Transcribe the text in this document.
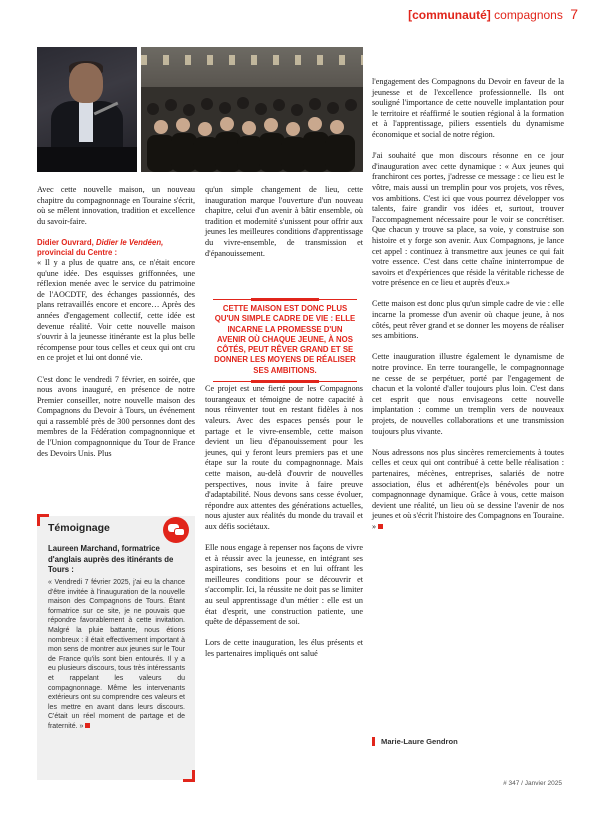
[communauté] compagnons 7

Avec cette nouvelle maison, un nouveau chapitre du compagnonnage en Touraine s'écrit, où se mêlent innovation, tradition et excellence du savoir-faire.

Didier Ouvrard, Didier le Vendéen,
provincial du Centre :

« Il y a plus de quatre ans, ce n'était encore qu'une idée. Des esquisses griffonnées, une réflexion menée avec le service du patrimoine de l'AOCDTF, des échanges passionnés, des plans retravaillés encore et encore… Après des années d'engagement collectif, cette idée est devenue réalité. Voir cette nouvelle maison s'ouvrir à la jeunesse itinérante est la plus belle récompense pour tous celles et ceux qui ont cru en ce projet et lui ont donné vie.

C'est donc le vendredi 7 février, en soirée, que nous avons inauguré, en présence de notre Premier conseiller, notre nouvelle maison des Compagnons du Devoir à Tours, un événement qui a rassemblé près de 300 personnes dont des membres de la Fédération compagnonnique et de l'Union compagnonnique du Tour de France des Devoirs Unis. Plus

Témoignage
Laureen Marchand, formatrice d'anglais auprès des itinérants de Tours :
« Vendredi 7 février 2025, j'ai eu la chance d'être invitée à l'inauguration de la nouvelle maison des Compagnons de Tours. Étant formatrice sur ce site, je ne pouvais que répondre favorablement à cette invitation. Malgré la pluie battante, nous étions nombreux : il était effectivement important à mon sens de montrer aux jeunes sur le Tour de France qu'ils sont bien entourés. Il y a eu plusieurs discours, tous très intéressants et rappelant les valeurs du compagnonnage. Même les intervenants extérieurs ont su comprendre ces valeurs et les mettre en avant dans leurs discours. C'était un réel moment de partage et de fraternité. »

qu'un simple changement de lieu, cette inauguration marque l'ouverture d'un nouveau chapitre, celui d'un avenir à bâtir ensemble, où tradition et modernité s'unissent pour offrir aux jeunes les meilleures conditions d'apprentissage du vivre-ensemble, de transmission et d'épanouissement.

Ce projet est une fierté pour les Compagnons tourangeaux et témoigne de notre capacité à nous réinventer tout en restant fidèles à nos valeurs. Avec des espaces pensés pour le partage et le vivre-ensemble, cette maison devient un lieu d'épanouissement pour les jeunes, qui y feront leurs premiers pas et une étape sur la route du compagnonnage. Mais cette maison, au-delà d'ouvrir de nouvelles perspectives, nous invite à faire preuve d'adaptabilité. Nous devons sans cesse évoluer, répondre aux attentes des générations actuelles, nous ajuster aux réalités du monde du travail et aux défis sociétaux.

Elle nous engage à repenser nos façons de vivre et à réussir avec la jeunesse, en intégrant ses aspirations, ses besoins et en lui offrant les meilleures conditions pour se découvrir et s'accomplir. Ici, la réussite ne doit pas se limiter au seul apprentissage d'un métier : elle est un état d'esprit, une construction patiente, une quête de dépassement de soi.

Lors de cette inauguration, les élus présents et les partenaires impliqués ont salué

CETTE MAISON EST DONC PLUS QU'UN SIMPLE CADRE DE VIE : ELLE INCARNE LA PROMESSE D'UN AVENIR OÙ CHAQUE JEUNE, À NOS CÔTÉS, PEUT RÊVER GRAND ET SE DONNER LES MOYENS DE RÉALISER SES AMBITIONS.

l'engagement des Compagnons du Devoir en faveur de la jeunesse et de l'excellence professionnelle. Ils ont souligné l'importance de cette nouvelle implantation pour le territoire et réaffirmé le soutien régional à la formation et à l'apprentissage, piliers essentiels du dynamisme économique et social de notre région.

J'ai souhaité que mon discours résonne en ce jour d'inauguration avec cette dynamique : « Aux jeunes qui franchiront ces portes, j'adresse ce message : ce lieu est le vôtre, mais aussi un tremplin pour vos projets, vos rêves, vos ambitions. C'est ici que vous pourrez développer vos talents, faire grandir vos idées et, surtout, trouver l'accompagnement nécessaire pour le voir se concrétiser. Que chacun y trouve sa place, sa voie, y construise son histoire et y forge son avenir. Aux Compagnons, je lance cet appel : continuez à transmettre aux jeunes ce qui fait votre essence. C'est dans cette chaîne ininterrompue de savoirs et d'expériences que réside la véritable richesse de votre présence en ce lieu et auprès d'eux.»

Cette maison est donc plus qu'un simple cadre de vie : elle incarne la promesse d'un avenir où chaque jeune, à nos côtés, peut rêver grand et se donner les moyens de réaliser ses ambitions.

Cette inauguration illustre également le dynamisme de notre province. En terre tourangelle, le compagnonnage ne cesse de se perpétuer, porté par l'engagement de chacun et la volonté d'aller toujours plus loin. C'est dans cet esprit que nous envisageons cette nouvelle implantation : comme un tremplin vers de nouveaux projets, de nouvelles collaborations et une transmission toujours plus vivante.

Nous adressons nos plus sincères remerciements à toutes celles et ceux qui ont contribué à cette belle réalisation : partenaires, mécènes, entreprises, salariés de notre association, élus et adhérent(e)s bénévoles pour un compagnonnage dynamique. Grâce à vous, cette maison devient une réalité, un lieu où se dessine l'avenir de nos jeunes et où s'écrit l'histoire des Compagnons en Touraine. »

Marie-Laure Gendron
# 347 / Janvier 2025
